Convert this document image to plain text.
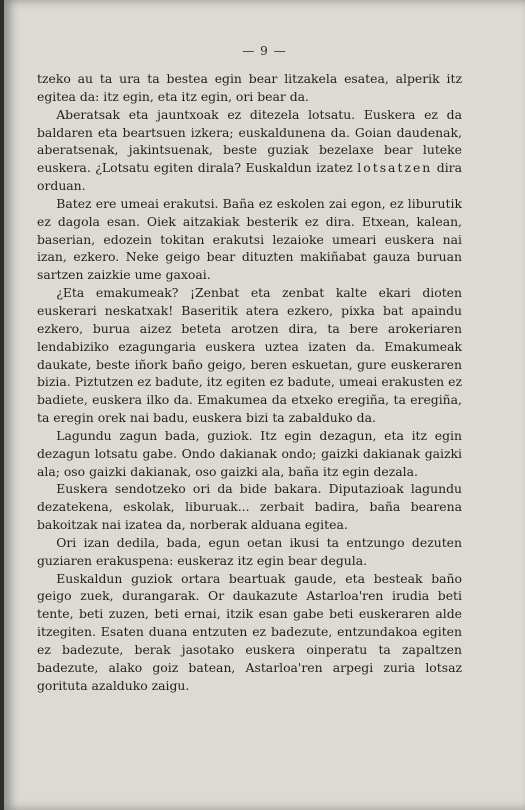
— 9 —

tzeko au ta ura ta bestea egin bear litzakela esatea, alperik itz egitea da: itz egin, eta itz egin, ori bear da.

Aberatsak eta jauntxoak ez ditezela lotsatu. Euskera ez da baldaren eta beartsuen izkera; euskaldunena da. Goian daudenak, aberatsenak, jakintsuenak, beste guziak bezelaxe bear luteke euskera. ¿Lotsatu egiten dirala? Euskaldun izatez lotsatzen dira orduan.

Batez ere umeai erakutsi. Baña ez eskolen zai egon, ez liburutik ez dagola esan. Oiek aitzakiak besterik ez dira. Etxean, kalean, baserian, edozein tokitan erakutsi lezaioke umeari euskera nai izan, ezkero. Neke geigo bear dituzten makiñabat gauza buruan sartzen zaizkie ume gaxoai.

¿Eta emakumeak? ¡Zenbat eta zenbat kalte ekari dioten euskerari neskatxak! Baseritik atera ezkero, pixka bat apaindu ezkero, burua aizez beteta arotzen dira, ta bere arokeriaren lendabiziko ezagungaria euskera uztea izaten da. Emakumeak daukate, beste iñork baño geigo, beren eskuetan, gure euskeraren bizia. Piztutzen ez badute, itz egiten ez badute, umeai erakusten ez badiete, euskera ilko da. Emakumea da etxeko eregiña, ta eregiña, ta eregin orek nai badu, euskera bizi ta zabalduko da.

Lagundu zagun bada, guziok. Itz egin dezagun, eta itz egin dezagun lotsatu gabe. Ondo dakianak ondo; gaizki dakianak gaizki ala; oso gaizki dakianak, oso gaizki ala, baña itz egin dezala.

Euskera sendotzeko ori da bide bakara. Diputazioak lagundu dezatekena, eskolak, liburuak... zerbait badira, baña bearena bakoitzak nai izatea da, norberak alduana egitea.

Ori izan dedila, bada, egun oetan ikusi ta entzungo dezuten guziaren erakuspena: euskeraz itz egin bear degula.

Euskaldun guziok ortara beartuak gaude, eta besteak baño geigo zuek, durangarak. Or daukazute Astarloa'ren irudia beti tente, beti zuzen, beti ernai, itzik esan gabe beti euskeraren alde itzegiten. Esaten duana entzuten ez badezute, entzundakoa egiten ez badezute, berak jasotako euskera oinperatu ta zapaltzen badezute, alako goiz batean, Astarloa'ren arpegi zuria lotsaz gorituta azalduko zaigu.
